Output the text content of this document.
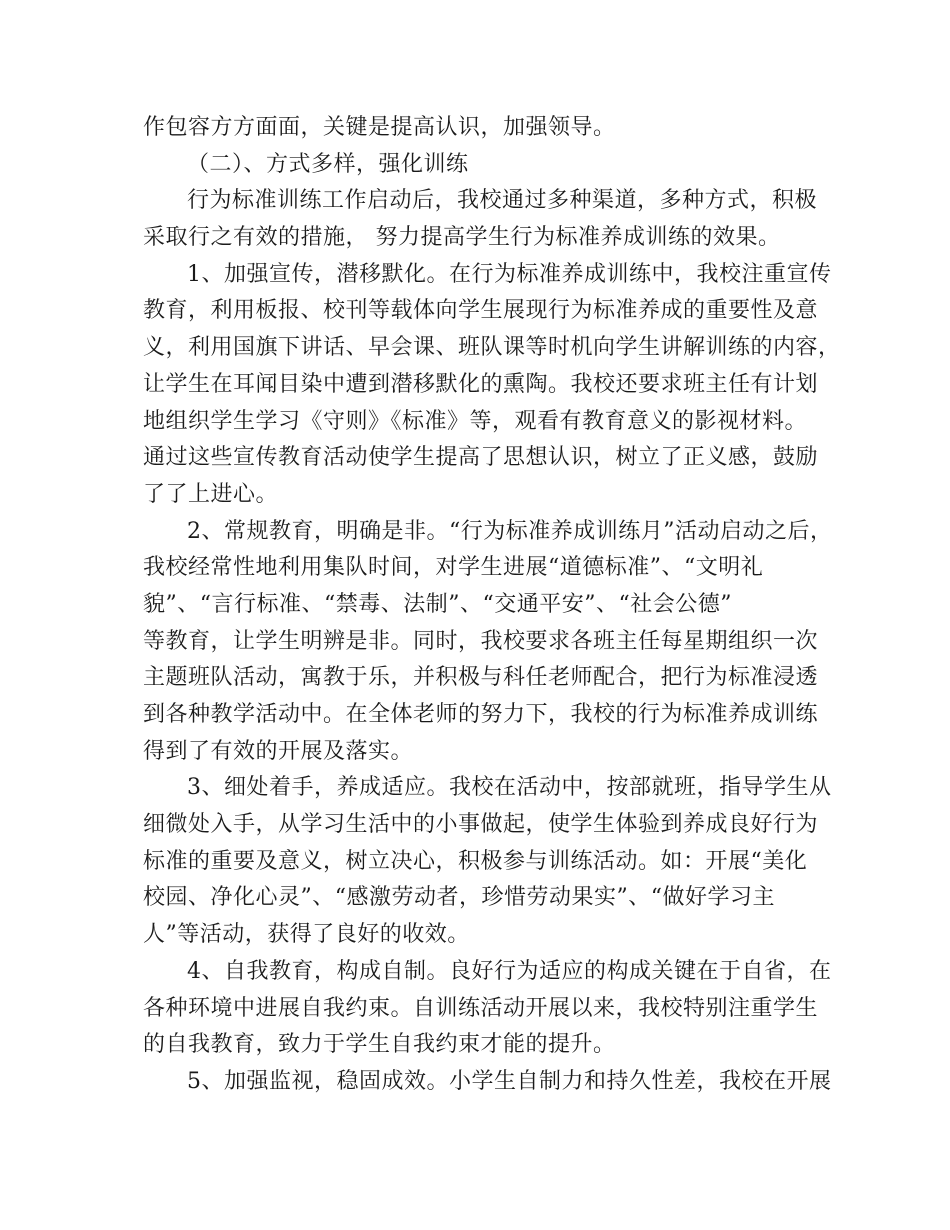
作包容方方面面，关键是提高认识，加强领导。
（二）、方式多样，强化训练
行为标准训练工作启动后，我校通过多种渠道，多种方式，积极
采取行之有效的措施， 努力提高学生行为标准养成训练的效果。
1、加强宣传，潜移默化。在行为标准养成训练中，我校注重宣传
教育，利用板报、校刊等载体向学生展现行为标准养成的重要性及意
义，利用国旗下讲话、早会课、班队课等时机向学生讲解训练的内容，
让学生在耳闻目染中遭到潜移默化的熏陶。我校还要求班主任有计划
地组织学生学习《守则》《标准》等，观看有教育意义的影视材料。
通过这些宣传教育活动使学生提高了思想认识，树立了正义感，鼓励
了了上进心。
2、常规教育，明确是非。“行为标准养成训练月”活动启动之后，
我校经常性地利用集队时间，对学生进展“道德标准”、“文明礼
貌”、“言行标准、“禁毒、法制”、“交通平安”、“社会公德”
等教育，让学生明辨是非。同时，我校要求各班主任每星期组织一次
主题班队活动，寓教于乐，并积极与科任老师配合，把行为标准浸透
到各种教学活动中。在全体老师的努力下，我校的行为标准养成训练
得到了有效的开展及落实。
3、细处着手，养成适应。我校在活动中，按部就班，指导学生从
细微处入手，从学习生活中的小事做起，使学生体验到养成良好行为
标准的重要及意义，树立决心，积极参与训练活动。如：开展“美化
校园、净化心灵”、“感激劳动者，珍惜劳动果实”、“做好学习主
人”等活动，获得了良好的收效。
4、自我教育，构成自制。良好行为适应的构成关键在于自省，在
各种环境中进展自我约束。自训练活动开展以来，我校特别注重学生
的自我教育，致力于学生自我约束才能的提升。
5、加强监视，稳固成效。小学生自制力和持久性差，我校在开展
